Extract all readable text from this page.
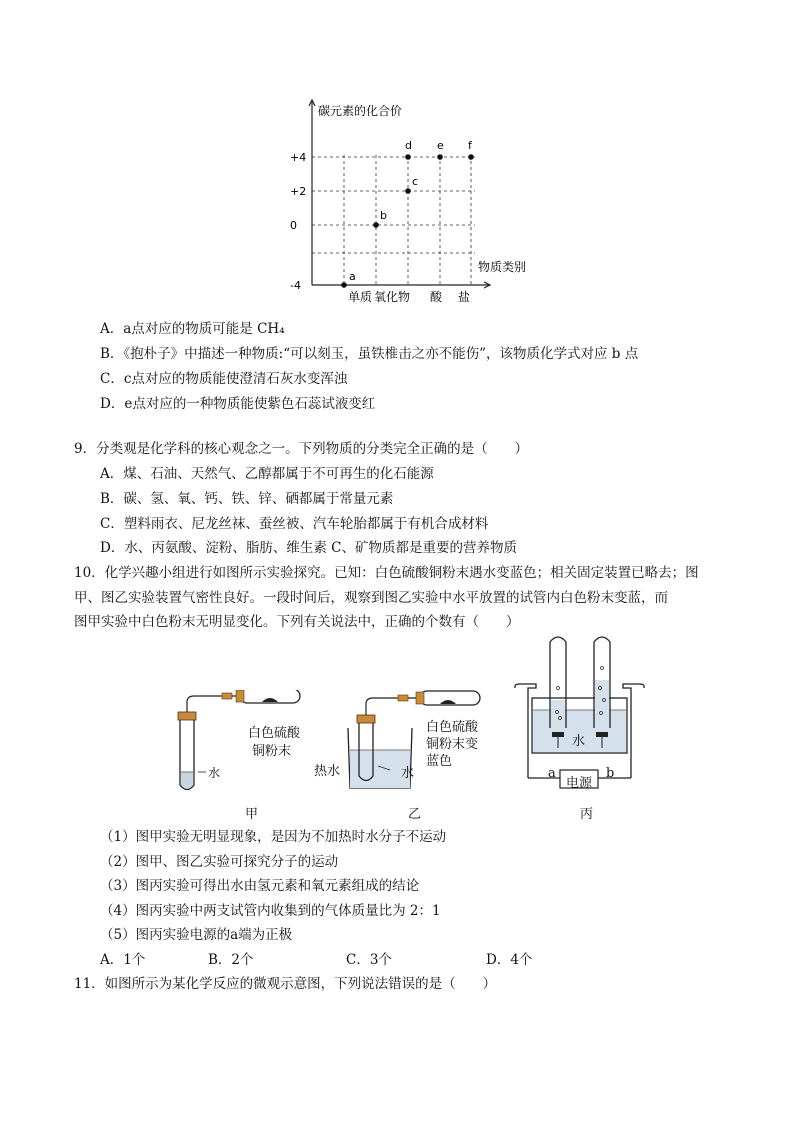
+4
+2
0
-4
碳元素的化合价
物质类别
单质 氧化物 酸 盐
a
b
c
d e f
A．a点对应的物质可能是 CH₄
B．《抱朴子》中描述一种物质:“可以刻玉，虽铁椎击之亦不能伤”，该物质化学式对应 b 点
C．c点对应的物质能使澄清石灰水变浑浊
D．e点对应的一种物质能使紫色石蕊试液变红
9．分类观是化学科的核心观念之一。下列物质的分类完全正确的是（　　）
A．煤、石油、天然气、乙醇都属于不可再生的化石能源
B．碳、氢、氧、钙、铁、锌、硒都属于常量元素
C．塑料雨衣、尼龙丝袜、蚕丝被、汽车轮胎都属于有机合成材料
D．水、丙氨酸、淀粉、脂肪、维生素 C、矿物质都是重要的营养物质
10．化学兴趣小组进行如图所示实验探究。已知：白色硫酸铜粉末遇水变蓝色；相关固定装置已略去；图
甲、图乙实验装置气密性良好。一段时间后，观察到图乙实验中水平放置的试管内白色粉末变蓝，而
图甲实验中白色粉末无明显变化。下列有关说法中，正确的个数有（　　）
水
白色硫酸
铜粉末
甲
白色硫酸
铜粉末变
蓝色
热水	水
乙
水
电源
a	b
丙
（1）图甲实验无明显现象，是因为不加热时水分子不运动
（2）图甲、图乙实验可探究分子的运动
（3）图丙实验可得出水由氢元素和氧元素组成的结论
（4）图丙实验中两支试管内收集到的气体质量比为 2：1
（5）图丙实验电源的a端为正极
A．1个	B．2个	C．3个	D．4个
11．如图所示为某化学反应的微观示意图，下列说法错误的是（　　）
